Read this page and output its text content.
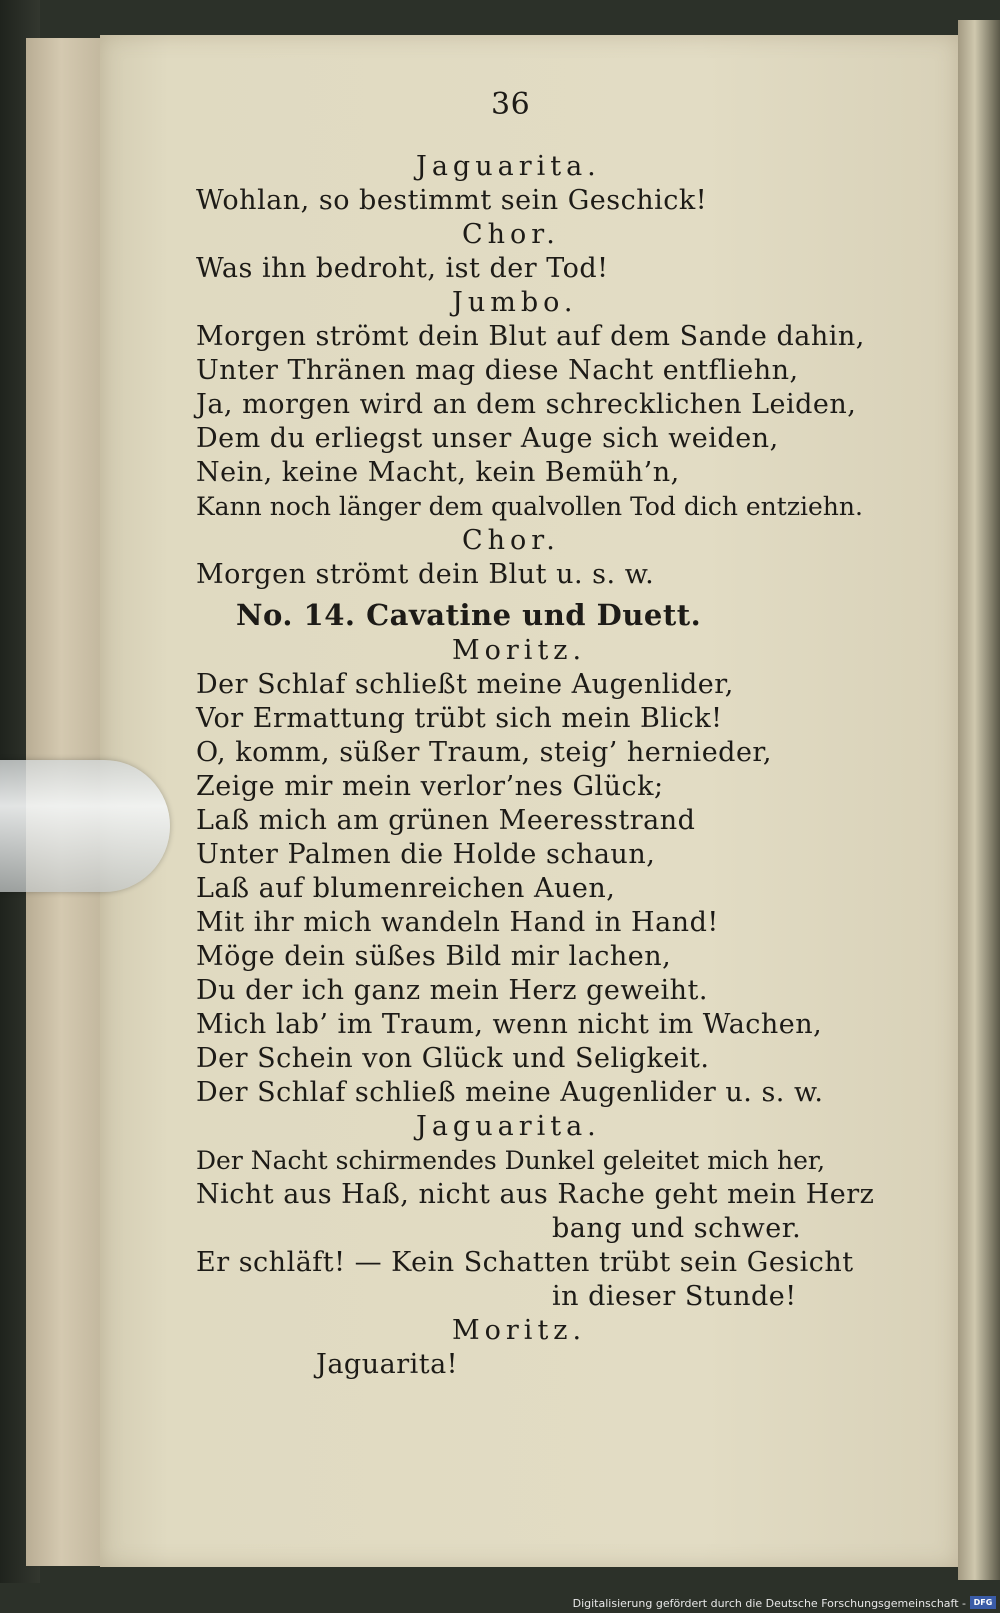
36
Jaguarita.
Wohlan, so bestimmt sein Geschick!
Chor.
Was ihn bedroht, ist der Tod!
Jumbo.
Morgen strömt dein Blut auf dem Sande dahin,
Unter Thränen mag diese Nacht entfliehn,
Ja, morgen wird an dem schrecklichen Leiden,
Dem du erliegst unser Auge sich weiden,
Nein, keine Macht, kein Bemüh’n,
Kann noch länger dem qualvollen Tod dich entziehn.
Chor.
Morgen strömt dein Blut u. s. w.
No. 14. Cavatine und Duett.
Moritz.
Der Schlaf schließt meine Augenlider,
Vor Ermattung trübt sich mein Blick!
O, komm, süßer Traum, steig’ hernieder,
Zeige mir mein verlor’nes Glück;
Laß mich am grünen Meeresstrand
Unter Palmen die Holde schaun,
Laß auf blumenreichen Auen,
Mit ihr mich wandeln Hand in Hand!
Möge dein süßes Bild mir lachen,
Du der ich ganz mein Herz geweiht.
Mich lab’ im Traum, wenn nicht im Wachen,
Der Schein von Glück und Seligkeit.
Der Schlaf schließ meine Augenlider u. s. w.
Jaguarita.
Der Nacht schirmendes Dunkel geleitet mich her,
Nicht aus Haß, nicht aus Rache geht mein Herz
bang und schwer.
Er schläft! — Kein Schatten trübt sein Gesicht
in dieser Stunde!
Moritz.
Jaguarita!
Digitalisierung gefördert durch die Deutsche Forschungsgemeinschaft - DFG
